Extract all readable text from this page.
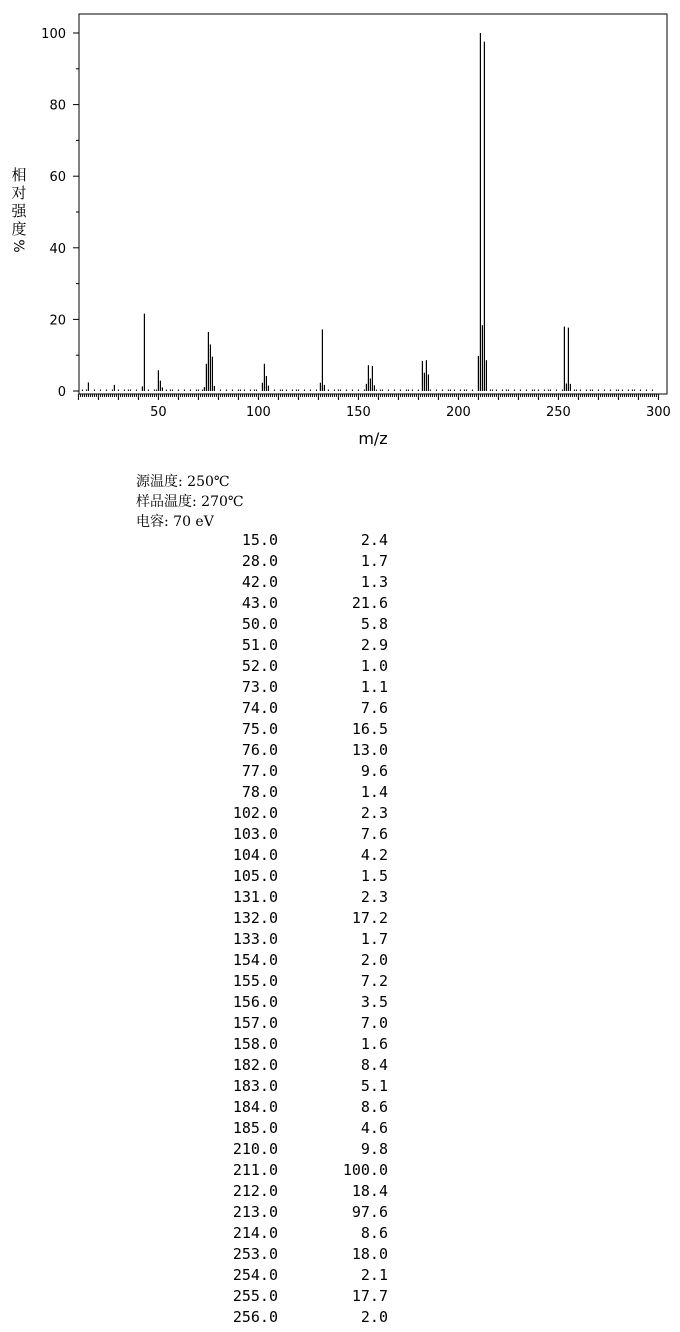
50	100	150	200	250	300
0
20
40
60
80
100
m/z
相
对
强
度
%
源温度: 250℃
样品温度: 270℃
电容: 70 eV
15.0	2.4
28.0	1.7
42.0	1.3
43.0	21.6
50.0	5.8
51.0	2.9
52.0	1.0
73.0	1.1
74.0	7.6
75.0	16.5
76.0	13.0
77.0	9.6
78.0	1.4
102.0	2.3
103.0	7.6
104.0	4.2
105.0	1.5
131.0	2.3
132.0	17.2
133.0	1.7
154.0	2.0
155.0	7.2
156.0	3.5
157.0	7.0
158.0	1.6
182.0	8.4
183.0	5.1
184.0	8.6
185.0	4.6
210.0	9.8
211.0	100.0
212.0	18.4
213.0	97.6
214.0	8.6
253.0	18.0
254.0	2.1
255.0	17.7
256.0	2.0
